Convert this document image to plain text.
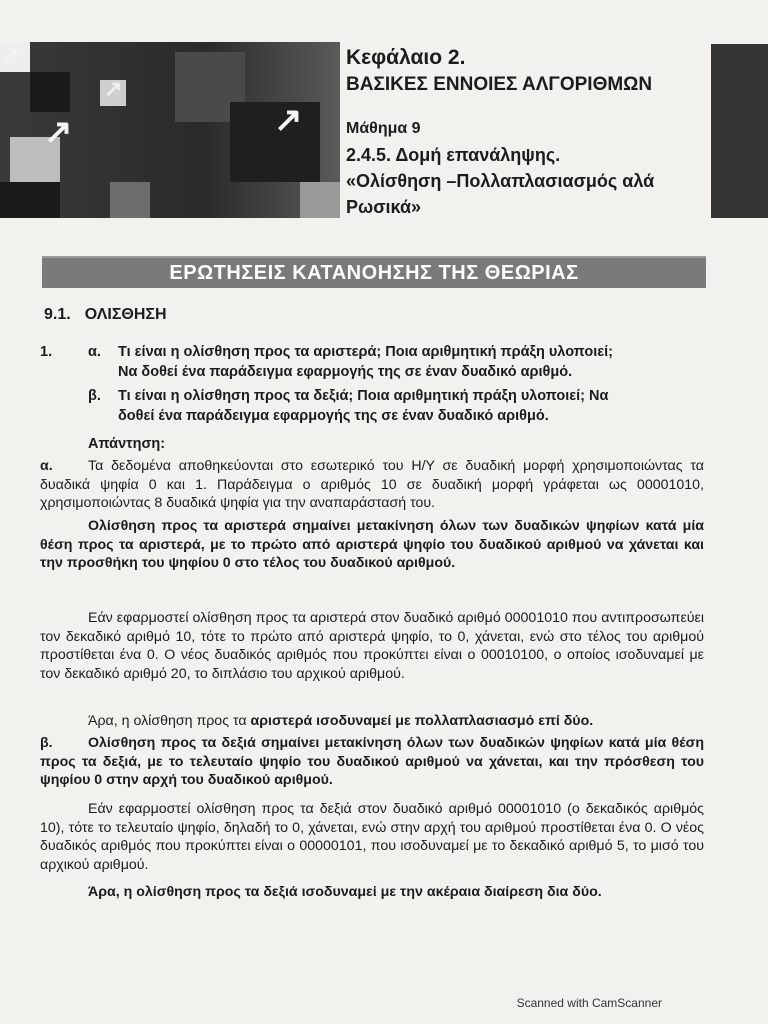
↗
↗
↗	↗

Κεφάλαιο 2.

ΒΑΣΙΚΕΣ ΕΝΝΟΙΕΣ ΑΛΓΟΡΙΘΜΩΝ

Μάθημα 9

2.4.5. Δομή επανάληψης.
«Ολίσθηση –Πολλαπλασιασμός αλά
Ρωσικά»

ΕΡΩΤΗΣΕΙΣ ΚΑΤΑΝΟΗΣΗΣ ΤΗΣ ΘΕΩΡΙΑΣ
9.1. ΟΛΙΣΘΗΣΗ
1. α. Τι είναι η ολίσθηση προς τα αριστερά; Ποια αριθμητική πράξη υλοποιεί;
Να δοθεί ένα παράδειγμα εφαρμογής της σε έναν δυαδικό αριθμό.
β. Τι είναι η ολίσθηση προς τα δεξιά; Ποια αριθμητική πράξη υλοποιεί; Να
δοθεί ένα παράδειγμα εφαρμογής της σε έναν δυαδικό αριθμό.
Απάντηση:
α. Τα δεδομένα αποθηκεύονται στο εσωτερικό του Η/Υ σε δυαδική μορφή χρησιμοποιώντας τα δυαδικά ψηφία 0 και 1. Παράδειγμα ο αριθμός 10 σε δυαδική μορφή γράφεται ως 00001010, χρησιμοποιώντας 8 δυαδικά ψηφία για την αναπαράστασή του.
Ολίσθηση προς τα αριστερά σημαίνει μετακίνηση όλων των δυαδικών ψηφίων κατά μία θέση προς τα αριστερά, με το πρώτο από αριστερά ψηφίο του δυαδικού αριθμού να χάνεται και την προσθήκη του ψηφίου 0 στο τέλος του δυαδικού αριθμού.
Εάν εφαρμοστεί ολίσθηση προς τα αριστερά στον δυαδικό αριθμό 00001010 που αντιπροσωπεύει τον δεκαδικό αριθμό 10, τότε το πρώτο από αριστερά ψηφίο, το 0, χάνεται, ενώ στο τέλος του αριθμού προστίθεται ένα 0. Ο νέος δυαδικός αριθμός που προκύπτει είναι ο 00010100, ο οποίος ισοδυναμεί με τον δεκαδικό αριθμό 20, το διπλάσιο του αρχικού αριθμού.
Άρα, η ολίσθηση προς τα αριστερά ισοδυναμεί με πολλαπλασιασμό επί δύο.
β. Ολίσθηση προς τα δεξιά σημαίνει μετακίνηση όλων των δυαδικών ψηφίων κατά μία θέση προς τα δεξιά, με το τελευταίο ψηφίο του δυαδικού αριθμού να χάνεται, και την πρόσθεση του ψηφίου 0 στην αρχή του δυαδικού αριθμού.
Εάν εφαρμοστεί ολίσθηση προς τα δεξιά στον δυαδικό αριθμό 00001010 (ο δεκαδικός αριθμός 10), τότε το τελευταίο ψηφίο, δηλαδή το 0, χάνεται, ενώ στην αρχή του αριθμού προστίθεται ένα 0. Ο νέος δυαδικός αριθμός που προκύπτει είναι ο 00000101, που ισοδυναμεί με το δεκαδικό αριθμό 5, το μισό του αρχικού αριθμού.
Άρα, η ολίσθηση προς τα δεξιά ισοδυναμεί με την ακέραια διαίρεση δια δύο.
Scanned with CamScanner
